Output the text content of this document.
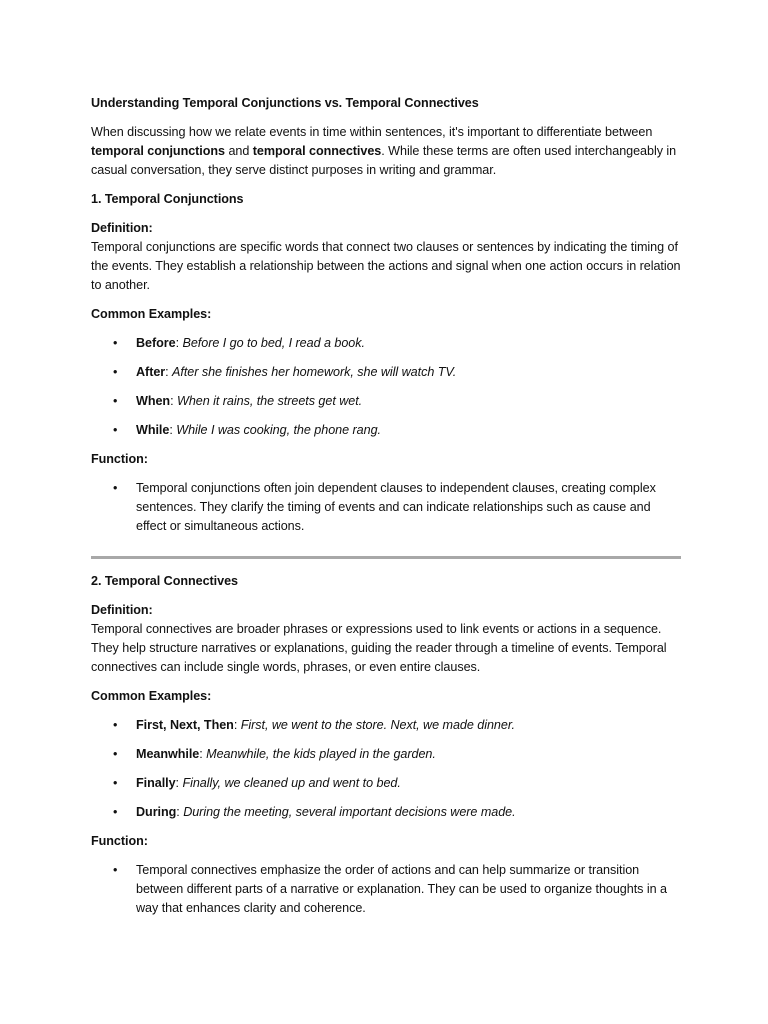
Understanding Temporal Conjunctions vs. Temporal Connectives

When discussing how we relate events in time within sentences, it's important to differentiate between temporal conjunctions and temporal connectives. While these terms are often used interchangeably in casual conversation, they serve distinct purposes in writing and grammar.

1. Temporal Conjunctions

Definition:
Temporal conjunctions are specific words that connect two clauses or sentences by indicating the timing of the events. They establish a relationship between the actions and signal when one action occurs in relation to another.

Common Examples:
• Before: Before I go to bed, I read a book.
• After: After she finishes her homework, she will watch TV.
• When: When it rains, the streets get wet.
• While: While I was cooking, the phone rang.
Function:
• Temporal conjunctions often join dependent clauses to independent clauses, creating complex sentences. They clarify the timing of events and can indicate relationships such as cause and effect or simultaneous actions.
2. Temporal Connectives

Definition:
Temporal connectives are broader phrases or expressions used to link events or actions in a sequence. They help structure narratives or explanations, guiding the reader through a timeline of events. Temporal connectives can include single words, phrases, or even entire clauses.

Common Examples:
• First, Next, Then: First, we went to the store. Next, we made dinner.
• Meanwhile: Meanwhile, the kids played in the garden.
• Finally: Finally, we cleaned up and went to bed.
• During: During the meeting, several important decisions were made.
Function:
• Temporal connectives emphasize the order of actions and can help summarize or transition between different parts of a narrative or explanation. They can be used to organize thoughts in a way that enhances clarity and coherence.
